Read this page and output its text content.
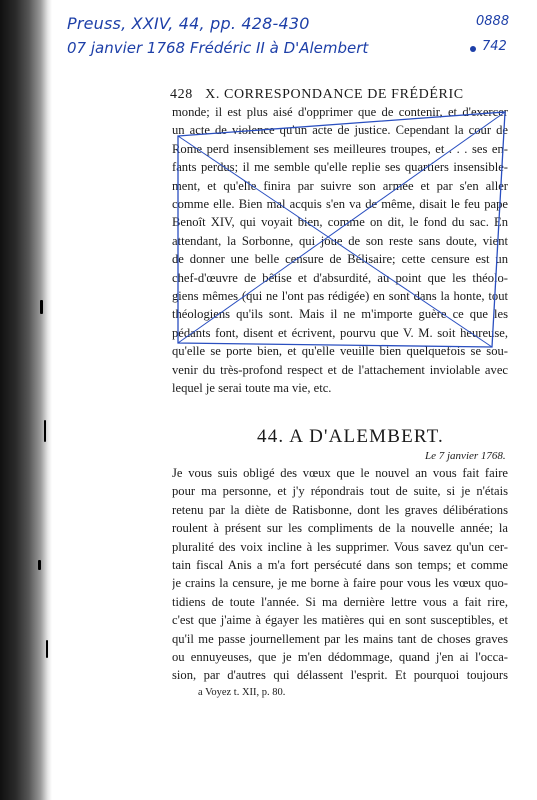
Preuss, XXIV, 44, pp. 428-430
07 janvier 1768 Frédéric II à D'Alembert
0888
742
428 X. CORRESPONDANCE DE FRÉDÉRIC
monde; il est plus aisé d'opprimer que de contenir, et d'exercer
un acte de violence qu'un acte de justice. Cependant la cour de
Rome perd insensiblement ses meilleures troupes, et . . . ses en-
fants perdus; il me semble qu'elle replie ses quartiers insensible-
ment, et qu'elle finira par suivre son armée et par s'en aller
comme elle. Bien mal acquis s'en va de même, disait le feu pape
Benoît XIV, qui voyait bien, comme on dit, le fond du sac. En
attendant, la Sorbonne, qui joue de son reste sans doute, vient
de donner une belle censure de Bélisaire; cette censure est un
chef-d'œuvre de bêtise et d'absurdité, au point que les théolo-
giens mêmes (qui ne l'ont pas rédigée) en sont dans la honte, tout
théologiens qu'ils sont. Mais il ne m'importe guère ce que les
pédants font, disent et écrivent, pourvu que V. M. soit heureuse,
qu'elle se porte bien, et qu'elle veuille bien quelquefois se sou-
venir du très-profond respect et de l'attachement inviolable avec
lequel je serai toute ma vie, etc.
44. A D'ALEMBERT.
Le 7 janvier 1768.
Je vous suis obligé des vœux que le nouvel an vous fait faire
pour ma personne, et j'y répondrais tout de suite, si je n'étais
retenu par la diète de Ratisbonne, dont les graves délibérations
roulent à présent sur les compliments de la nouvelle année; la
pluralité des voix incline à les supprimer. Vous savez qu'un cer-
tain fiscal Anis a m'a fort persécuté dans son temps; et comme
je crains la censure, je me borne à faire pour vous les vœux quo-
tidiens de toute l'année. Si ma dernière lettre vous a fait rire,
c'est que j'aime à égayer les matières qui en sont susceptibles, et
qu'il me passe journellement par les mains tant de choses graves
ou ennuyeuses, que je m'en dédommage, quand j'en ai l'occa-
sion, par d'autres qui délassent l'esprit. Et pourquoi toujours
a Voyez t. XII, p. 80.
